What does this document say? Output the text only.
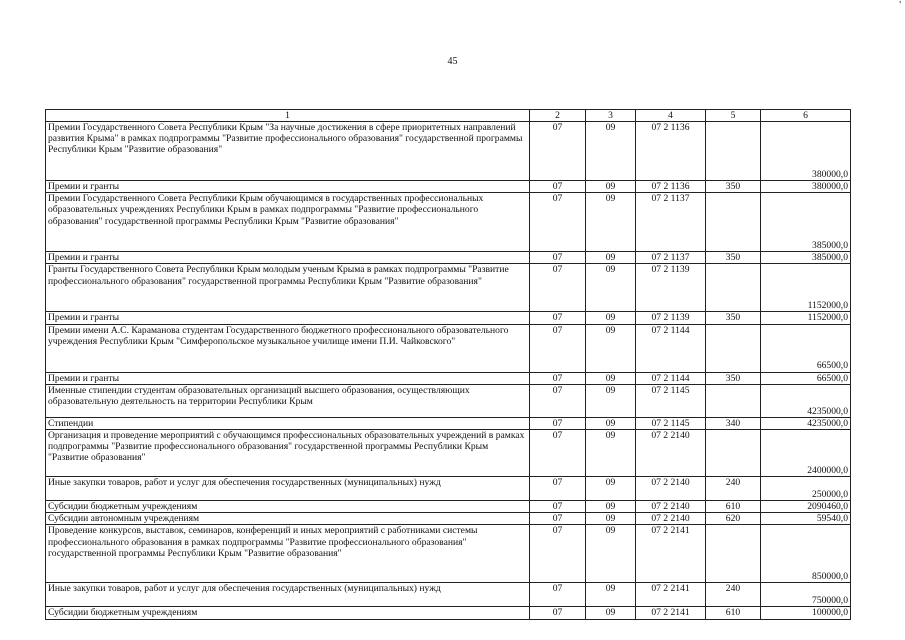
'
45
1	2	3	4	5	6
Премии Государственного Совета Республики Крым "За научные достижения в сфере приоритетных направлений развития Крыма" в рамках подпрограммы "Развитие профессионального образования" государственной программы Республики Крым "Развитие образования"	07	09	07 2 1136		380000,0
Премии и гранты	07	09	07 2 1136	350	380000,0
Премии Государственного Совета Республики Крым обучающимся в государственных профессиональных образовательных учреждениях Республики Крым в рамках подпрограммы "Развитие профессионального образования" государственной программы Республики Крым "Развитие образования"	07	09	07 2 1137		385000,0
Премии и гранты	07	09	07 2 1137	350	385000,0
Гранты Государственного Совета Республики Крым молодым ученым Крыма в рамках подпрограммы "Развитие профессионального образования" государственной программы Республики Крым "Развитие образования"	07	09	07 2 1139		1152000,0
Премии и гранты	07	09	07 2 1139	350	1152000,0
Премии имени А.С. Караманова студентам Государственного бюджетного профессионального образовательного учреждения Республики Крым "Симферопольское музыкальное училище имени П.И. Чайковского"	07	09	07 2 1144		66500,0
Премии и гранты	07	09	07 2 1144	350	66500,0
Именные стипендии студентам образовательных организаций высшего образования, осуществляющих образовательную деятельность на территории Республики Крым	07	09	07 2 1145		4235000,0
Стипендии	07	09	07 2 1145	340	4235000,0
Организация и проведение мероприятий с обучающимся профессиональных образовательных учреждений в рамках подпрограммы "Развитие профессионального образования" государственной программы Республики Крым "Развитие образования"	07	09	07 2 2140		2400000,0
Иные закупки товаров, работ и услуг для обеспечения государственных (муниципальных) нужд	07	09	07 2 2140	240	250000,0
Субсидии бюджетным учреждениям	07	09	07 2 2140	610	2090460,0
Субсидии автономным учреждениям	07	09	07 2 2140	620	59540,0
Проведение конкурсов, выставок, семинаров, конференций и иных мероприятий с работниками системы профессионального образования в рамках подпрограммы "Развитие профессионального образования" государственной программы Республики Крым "Развитие образования"	07	09	07 2 2141		850000,0
Иные закупки товаров, работ и услуг для обеспечения государственных (муниципальных) нужд	07	09	07 2 2141	240	750000,0
Субсидии бюджетным учреждениям	07	09	07 2 2141	610	100000,0
